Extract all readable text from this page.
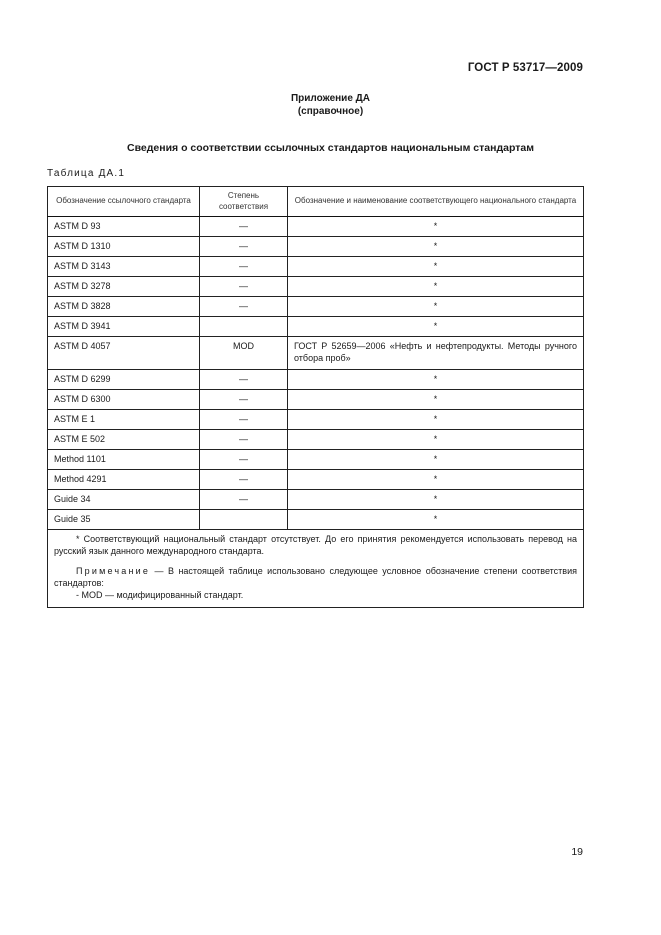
ГОСТ Р 53717—2009
Приложение ДА
(справочное)
Сведения о соответствии ссылочных стандартов национальным стандартам
Таблица ДА.1
Обозначение ссылочного стандарта	Степень соответствия	Обозначение и наименование соответствующего национального стандарта
ASTM D 93	—	*
ASTM D 1310	—	*
ASTM D 3143	—	*
ASTM D 3278	—	*
ASTM D 3828	—	*
ASTM D 3941		*
ASTM D 4057	MOD	ГОСТ Р 52659—2006 «Нефть и нефтепродукты. Методы ручного отбора проб»
ASTM D 6299	—	*
ASTM D 6300	—	*
ASTM E 1	—	*
ASTM E 502	—	*
Method 1101	—	*
Method 4291	—	*
Guide 34	—	*
Guide 35		*

* Соответствующий национальный стандарт отсутствует. До его принятия рекомендуется использовать перевод на русский язык данного международного стандарта.

Примечание — В настоящей таблице использовано следующее условное обозначение степени соответствия стандартов:

- MOD — модифицированный стандарт.		

19
